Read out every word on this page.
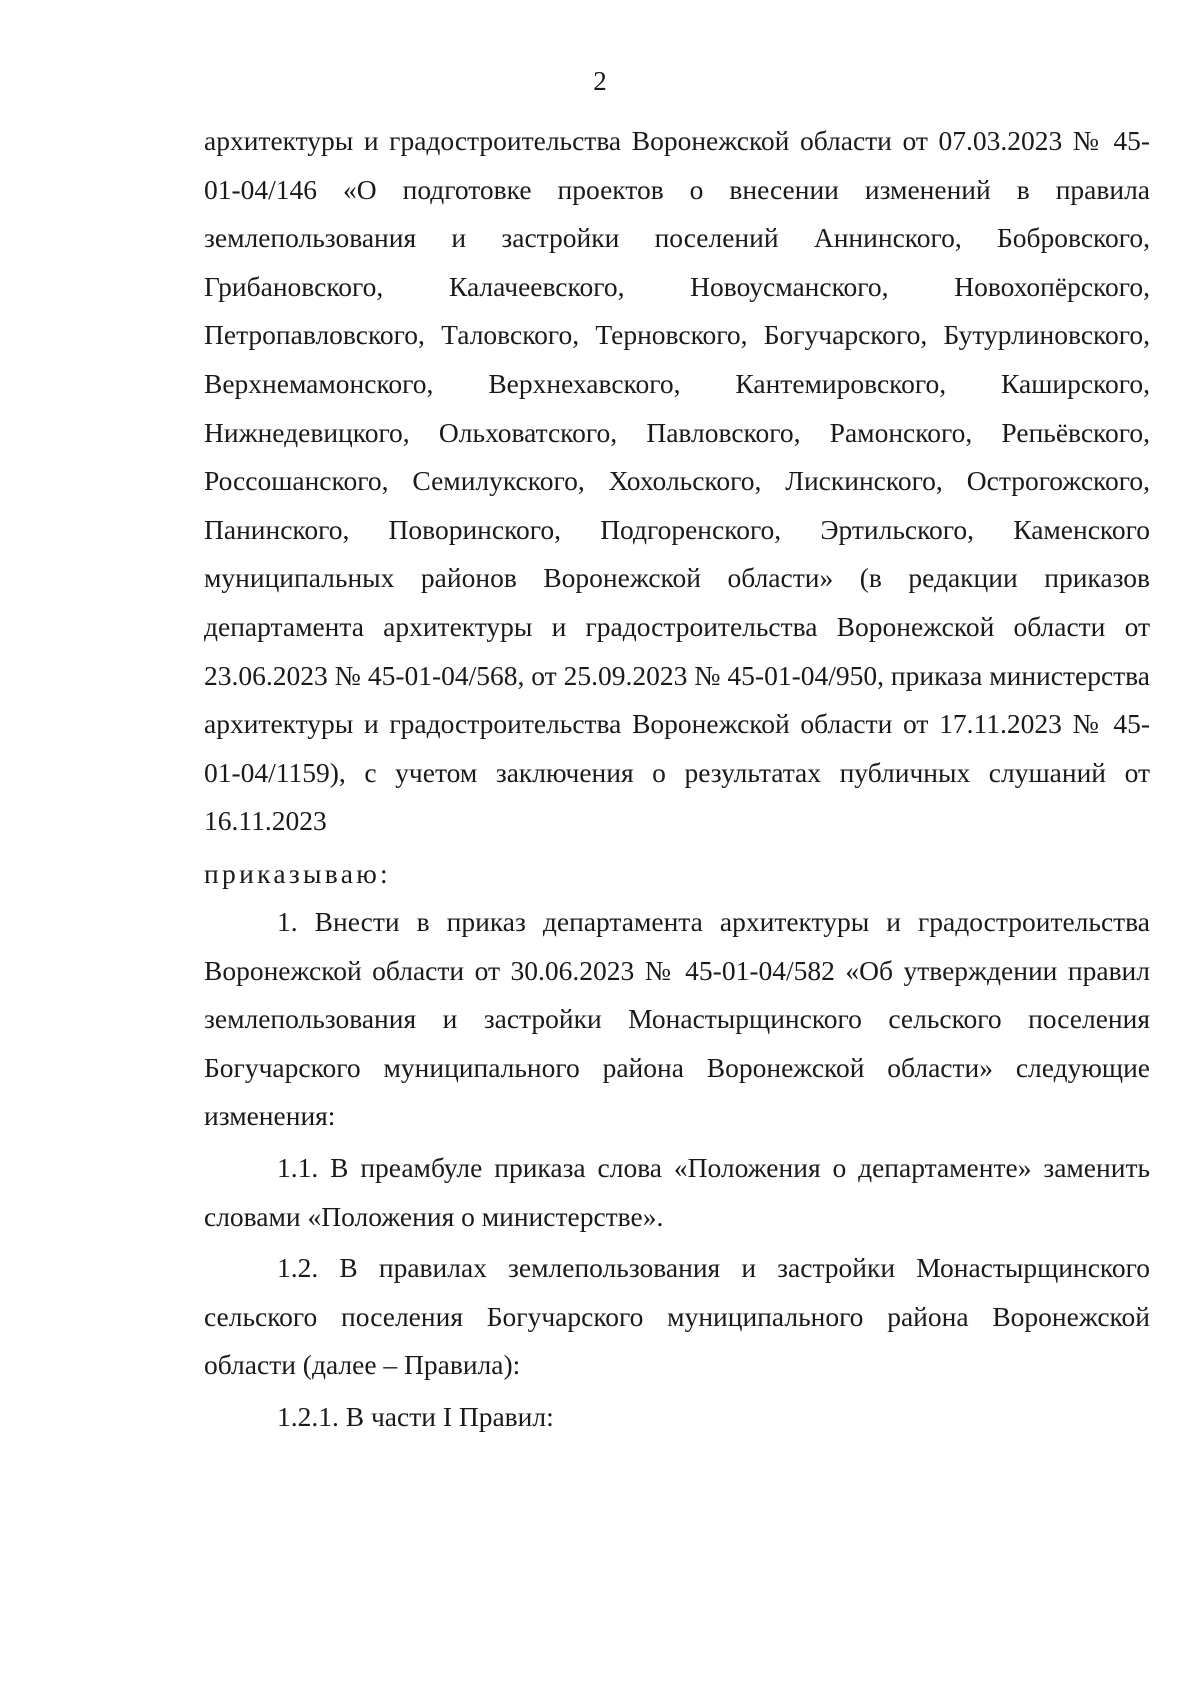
2
архитектуры и градостроительства Воронежской области от 07.03.2023 № 45-01-04/146 «О подготовке проектов о внесении изменений в правила землепользования и застройки поселений Аннинского, Бобровского, Грибановского, Калачеевского, Новоусманского, Новохопёрского, Петропавловского, Таловского, Терновского, Богучарского, Бутурлиновского, Верхнемамонского, Верхнехавского, Кантемировского, Каширского, Нижнедевицкого, Ольховатского, Павловского, Рамонского, Репьёвского, Россошанского, Семилукского, Хохольского, Лискинского, Острогожского, Панинского, Поворинского, Подгоренского, Эртильского, Каменского муниципальных районов Воронежской области» (в редакции приказов департамента архитектуры и градостроительства Воронежской области от 23.06.2023 № 45-01-04/568, от 25.09.2023 № 45-01-04/950, приказа министерства архитектуры и градостроительства Воронежской области от 17.11.2023 № 45-01-04/1159), с учетом заключения о результатах публичных слушаний от 16.11.2023
приказываю:

1. Внести в приказ департамента архитектуры и градостроительства Воронежской области от 30.06.2023 № 45-01-04/582 «Об утверждении правил землепользования и застройки Монастырщинского сельского поселения Богучарского муниципального района Воронежской области» следующие изменения:

1.1. В преамбуле приказа слова «Положения о департаменте» заменить словами «Положения о министерстве».

1.2. В правилах землепользования и застройки Монастырщинского сельского поселения Богучарского муниципального района Воронежской области (далее – Правила):

1.2.1. В части I Правил:
